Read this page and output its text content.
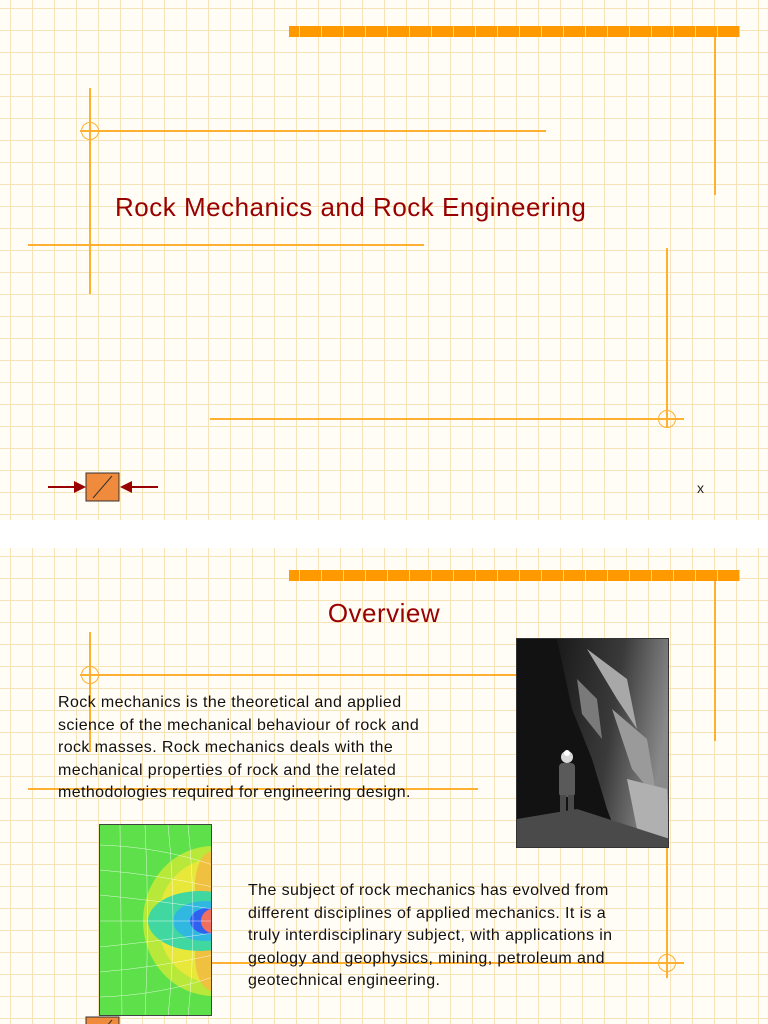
Rock Mechanics and Rock Engineering
x
Overview
Rock mechanics is the theoretical and applied
science of the mechanical behaviour of rock and
rock masses. Rock mechanics deals with the
mechanical properties of rock and the related
methodologies required for engineering design.
The subject of rock mechanics has evolved from
different disciplines of applied mechanics. It is a
truly interdisciplinary subject, with applications in
geology and geophysics, mining, petroleum and
geotechnical engineering.
